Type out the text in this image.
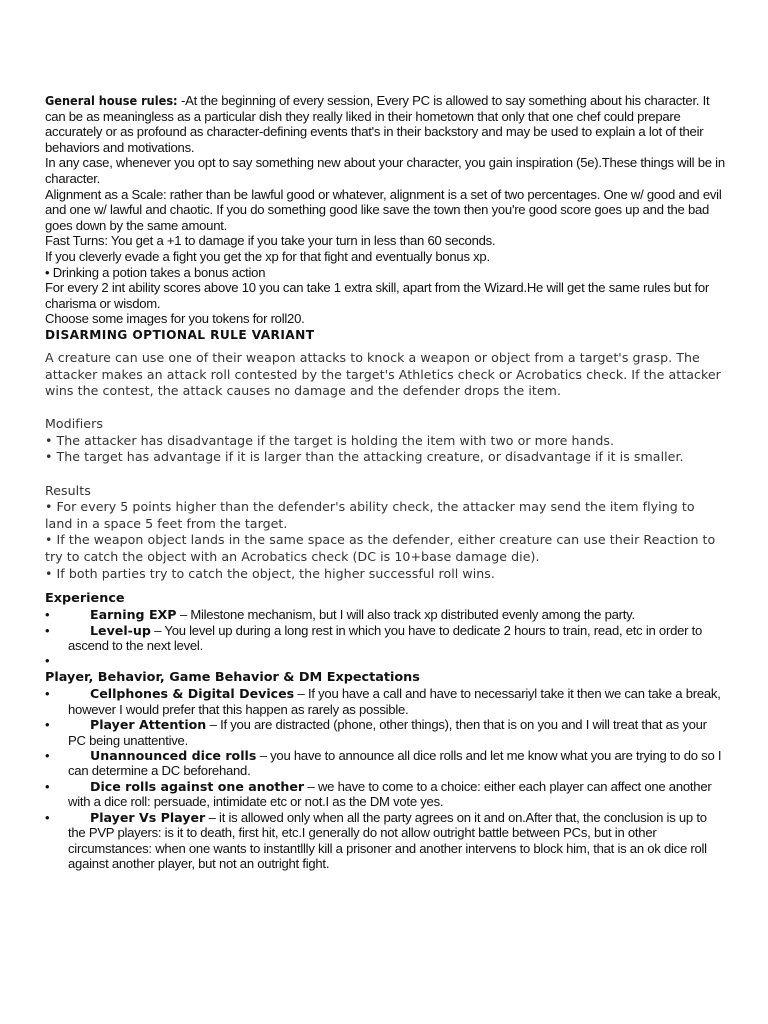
General house rules: -At the beginning of every session, Every PC is allowed to say something about his character. It can be as meaningless as a particular dish they really liked in their hometown that only that one chef could prepare accurately or as profound as character-defining events that's in their backstory and may be used to explain a lot of their behaviors and motivations.

In any case, whenever you opt to say something new about your character, you gain inspiration (5e).These things will be in character.

Alignment as a Scale: rather than be lawful good or whatever, alignment is a set of two percentages. One w/ good and evil and one w/ lawful and chaotic. If you do something good like save the town then you're good score goes up and the bad goes down by the same amount.

Fast Turns: You get a +1 to damage if you take your turn in less than 60 seconds.

If you cleverly evade a fight you get the xp for that fight and eventually bonus xp.

• Drinking a potion takes a bonus action

For every 2 int ability scores above 10 you can take 1 extra skill, apart from the Wizard.He will get the same rules but for charisma or wisdom.

Choose some images for you tokens for roll20.

DISARMING OPTIONAL RULE VARIANT

A creature can use one of their weapon attacks to knock a weapon or object from a target's grasp. The attacker makes an attack roll contested by the target's Athletics check or Acrobatics check. If the attacker wins the contest, the attack causes no damage and the defender drops the item.

Modifiers

• The attacker has disadvantage if the target is holding the item with two or more hands.

• The target has advantage if it is larger than the attacking creature, or disadvantage if it is smaller.

Results

• For every 5 points higher than the defender's ability check, the attacker may send the item flying to land in a space 5 feet from the target.

• If the weapon object lands in the same space as the defender, either creature can use their Reaction to try to catch the object with an Acrobatics check (DC is 10+base damage die).

• If both parties try to catch the object, the higher successful roll wins.

Experience
•	Earning EXP – Milestone mechanism, but I will also track xp distributed evenly among the party.
•	Level-up – You level up during a long rest in which you have to dedicate 2 hours to train, read, etc in order to ascend to the next level.
•
Player, Behavior, Game Behavior & DM Expectations
•	Cellphones & Digital Devices – If you have a call and have to necessariyl take it then we can take a break, however I would prefer that this happen as rarely as possible.
•	Player Attention – If you are distracted (phone, other things), then that is on you and I will treat that as your PC being unattentive.
•	Unannounced dice rolls – you have to announce all dice rolls and let me know what you are trying to do so I can determine a DC beforehand.
•	Dice rolls against one another – we have to come to a choice: either each player can affect one another with a dice roll: persuade, intimidate etc or not.I as the DM vote yes.
•	Player Vs Player – it is allowed only when all the party agrees on it and on.After that, the conclusion is up to the PVP players: is it to death, first hit, etc.I generally do not allow outright battle between PCs, but in other circumstances: when one wants to instantllly kill a prisoner and another intervens to block him, that is an ok dice roll against another player, but not an outright fight.
